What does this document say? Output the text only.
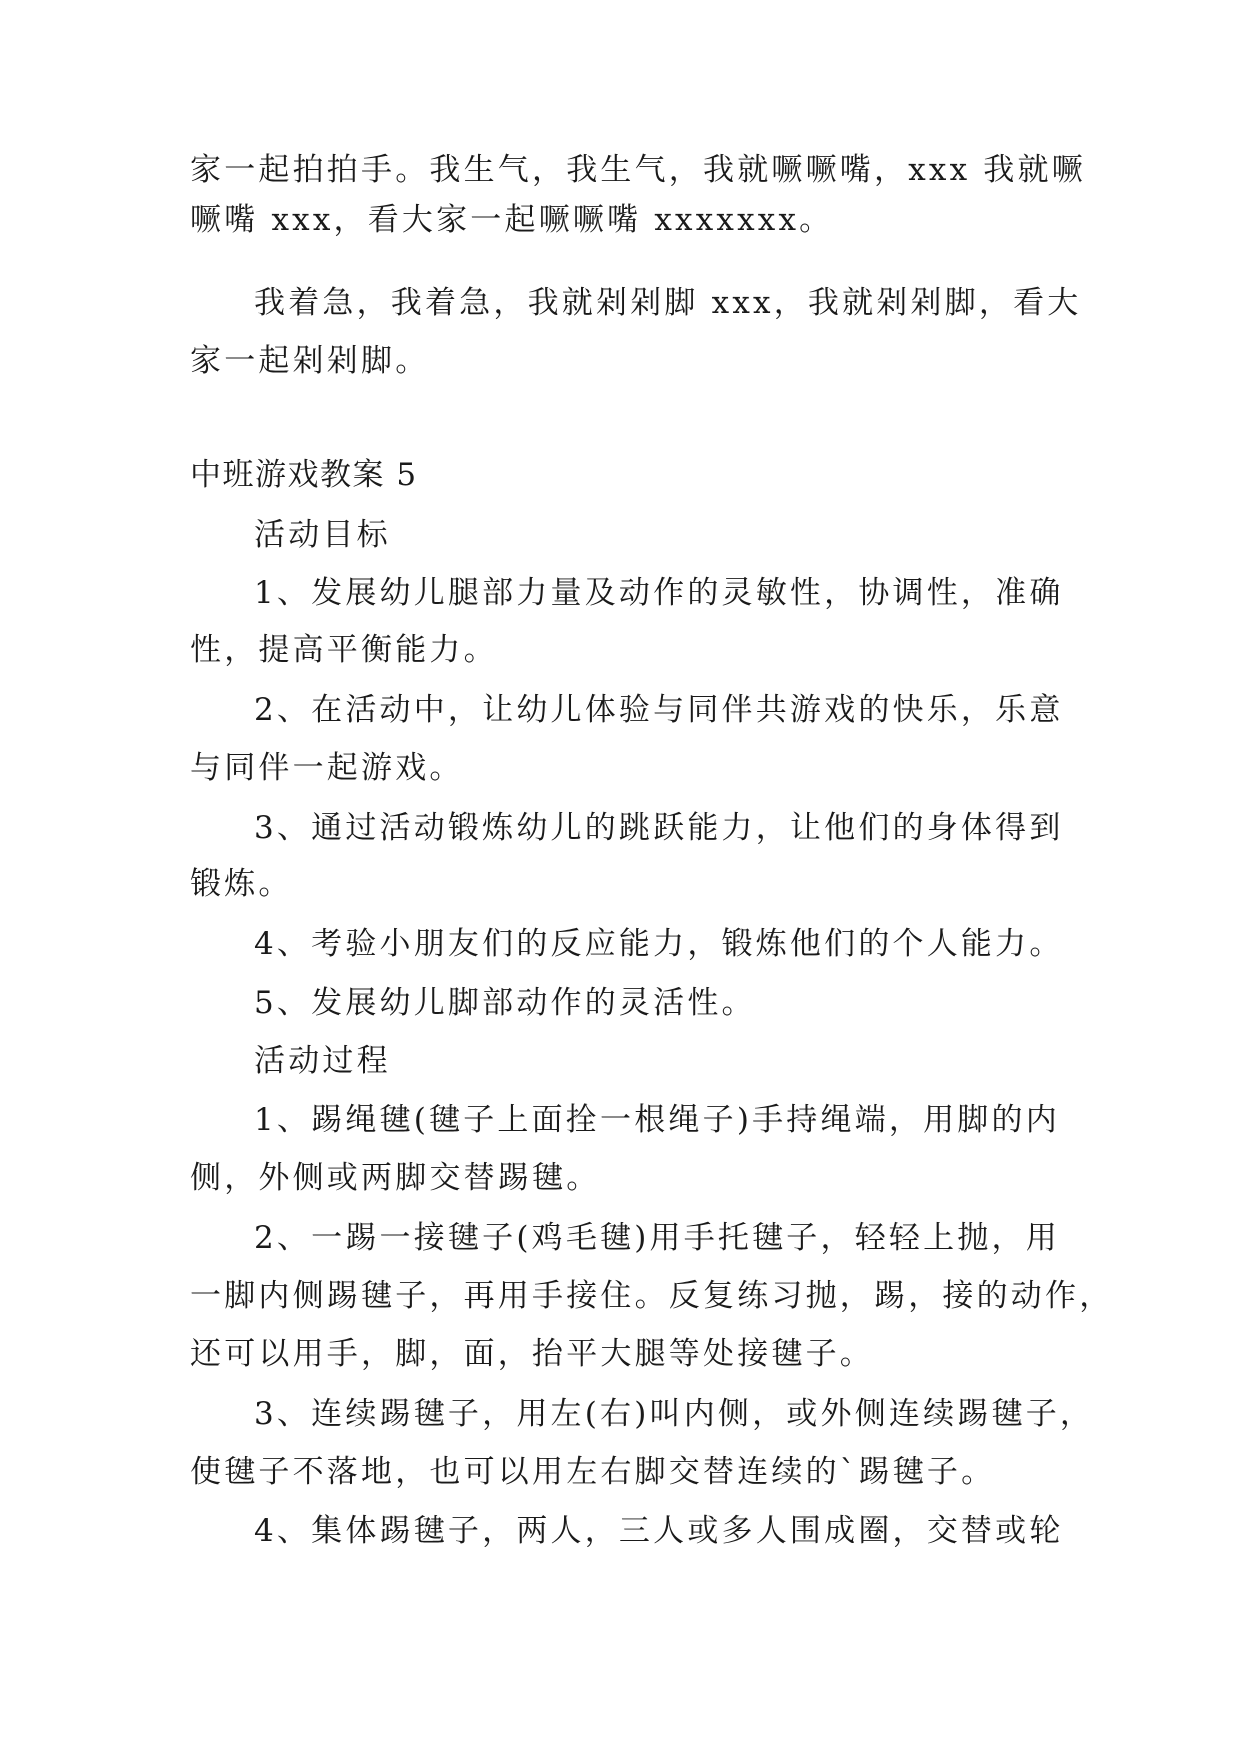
家一起拍拍手。我生气，我生气，我就噘噘嘴，xxx 我就噘
噘嘴 xxx，看大家一起噘噘嘴 xxxxxxx。
我着急，我着急，我就剁剁脚 xxx，我就剁剁脚，看大
家一起剁剁脚。
中班游戏教案 5
活动目标
1、发展幼儿腿部力量及动作的灵敏性，协调性，准确
性，提高平衡能力。
2、在活动中，让幼儿体验与同伴共游戏的快乐，乐意
与同伴一起游戏。
3、通过活动锻炼幼儿的跳跃能力，让他们的身体得到
锻炼。
4、考验小朋友们的反应能力，锻炼他们的个人能力。
5、发展幼儿脚部动作的灵活性。
活动过程
1、踢绳毽(毽子上面拴一根绳子)手持绳端，用脚的内
侧，外侧或两脚交替踢毽。
2、一踢一接毽子(鸡毛毽)用手托毽子，轻轻上抛，用
一脚内侧踢毽子，再用手接住。反复练习抛，踢，接的动作，
还可以用手，脚，面，抬平大腿等处接毽子。
3、连续踢毽子，用左(右)叫内侧，或外侧连续踢毽子，
使毽子不落地，也可以用左右脚交替连续的`踢毽子。
4、集体踢毽子，两人，三人或多人围成圈，交替或轮
